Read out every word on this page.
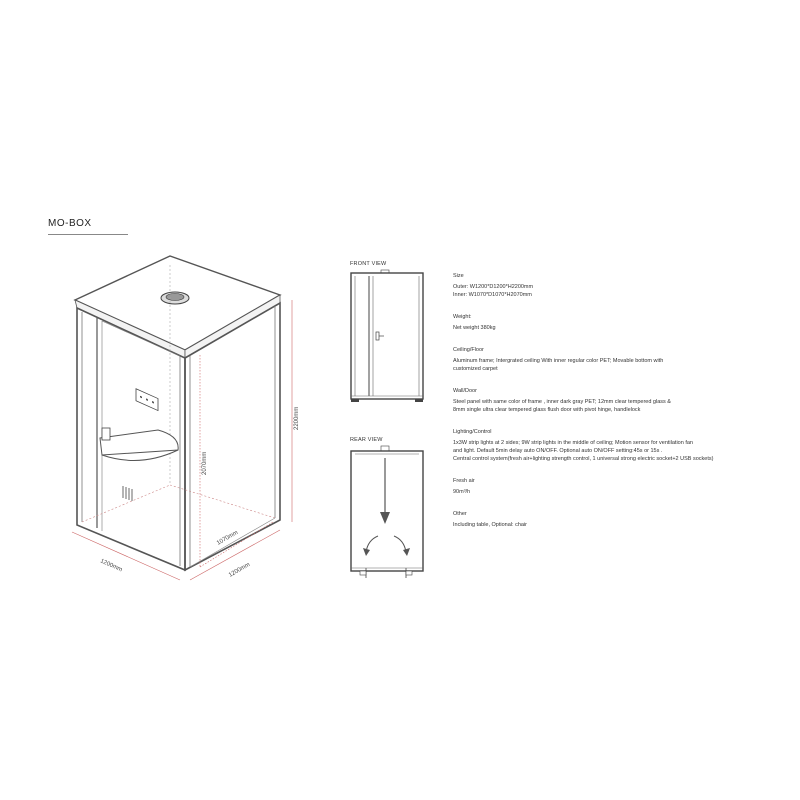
MO-BOX
2200mm
2070mm
1070mm
1200mm	1200mm
FRONT VIEW
REAR VIEW
Size
Outer: W1200*D1200*H2200mm
Inner: W1070*D1070*H2070mm
Weight:
Net weight 380kg
Ceiling/Floor
Aluminum frame; Intergrated ceiling With inner regular color PET; Movable bottom with
customized carpet
Wall/Door
Steel panel with same color of frame , inner dark gray PET; 12mm clear tempered glass &
8mm single ultra clear tempered glass flush door with pivot hinge, handlelock
Lighting/Control
1x3W strip lights at 2 sides; 9W strip lights in the middle of ceiling; Motion sensor for ventilation fan
and light. Default 5min delay auto ON/OFF. Optional auto ON/OFF setting:45s or 15s .
Central control system(fresh air+lighting strength control, 1 universal strong electric socket+2 USB sockets)
Fresh air
90m³/h
Other
Including table, Optional: chair
